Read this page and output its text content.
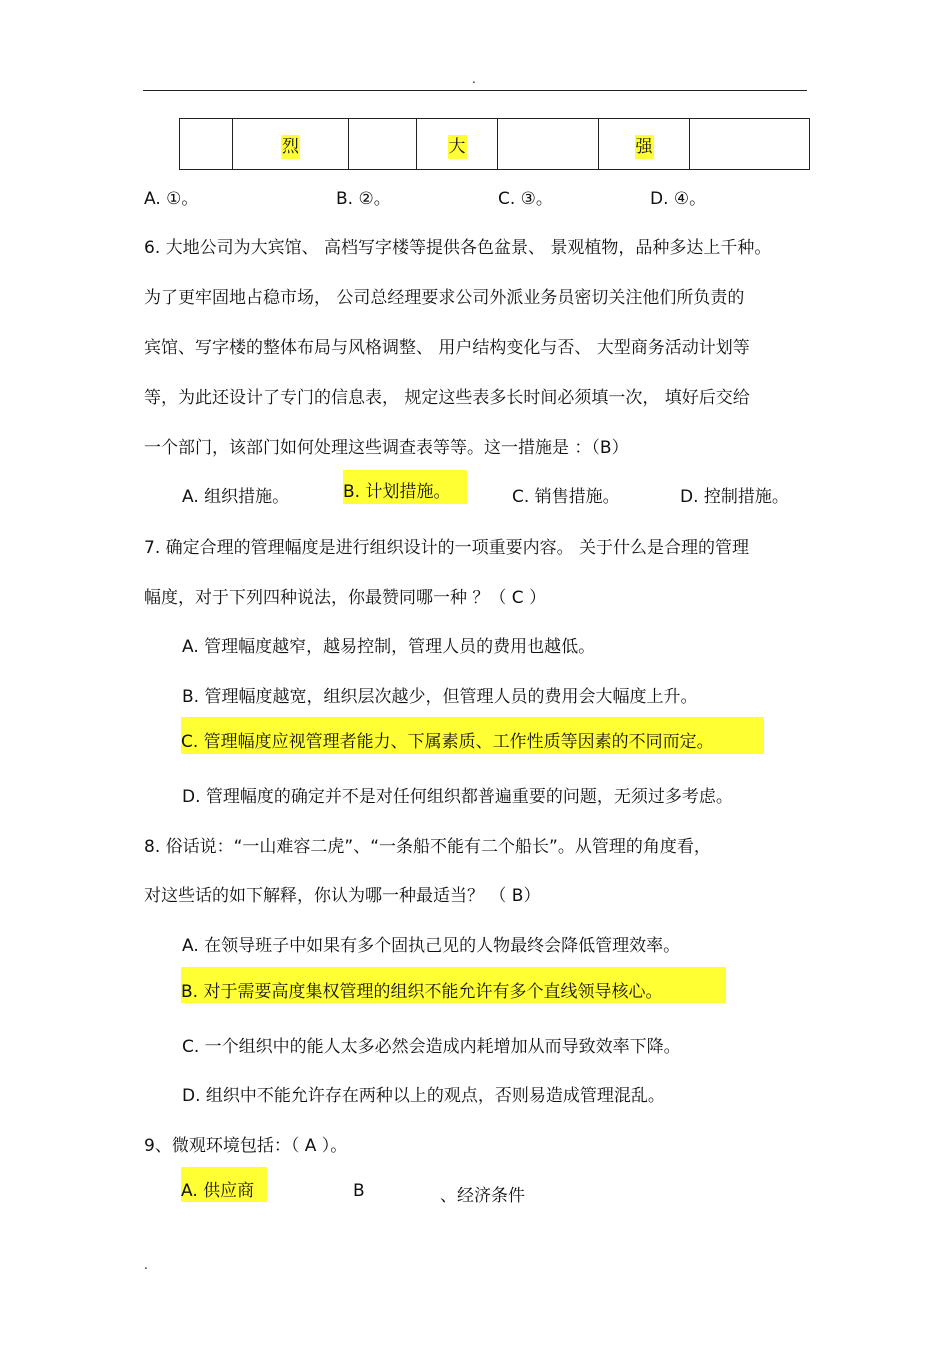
.
	烈		大		强	
A. ①。	B. ②。	C. ③。	D. ④。
6. 大地公司为大宾馆、 高档写字楼等提供各色盆景、 景观植物，品种多达上千种。
为了更牢固地占稳市场， 公司总经理要求公司外派业务员密切关注他们所负责的
宾馆、写字楼的整体布局与风格调整、 用户结构变化与否、 大型商务活动计划等
等，为此还设计了专门的信息表， 规定这些表多长时间必须填一次， 填好后交给
一个部门，该部门如何处理这些调查表等等。这一措施是 ：（B）
A. 组织措施。	B. 计划措施。	C. 销售措施。	D. 控制措施。
7. 确定合理的管理幅度是进行组织设计的一项重要内容。 关于什么是合理的管理
幅度，对于下列四种说法，你最赞同哪一种 ？（ C ）
A. 管理幅度越窄，越易控制，管理人员的费用也越低。
B. 管理幅度越宽，组织层次越少，但管理人员的费用会大幅度上升。
C. 管理幅度应视管理者能力、下属素质、工作性质等因素的不同而定。
D. 管理幅度的确定并不是对任何组织都普遍重要的问题，无须过多考虑。
8. 俗话说：“一山难容二虎”、“一条船不能有二个船长”。从管理的角度看，
对这些话的如下解释，你认为哪一种最适当？ （ B）
A. 在领导班子中如果有多个固执己见的人物最终会降低管理效率。
B. 对于需要高度集权管理的组织不能允许有多个直线领导核心。
C. 一个组织中的能人太多必然会造成内耗增加从而导致效率下降。
D. 组织中不能允许存在两种以上的观点，否则易造成管理混乱。
9、微观环境包括：（ A ）。
A. 供应商	B	、经济条件
.
